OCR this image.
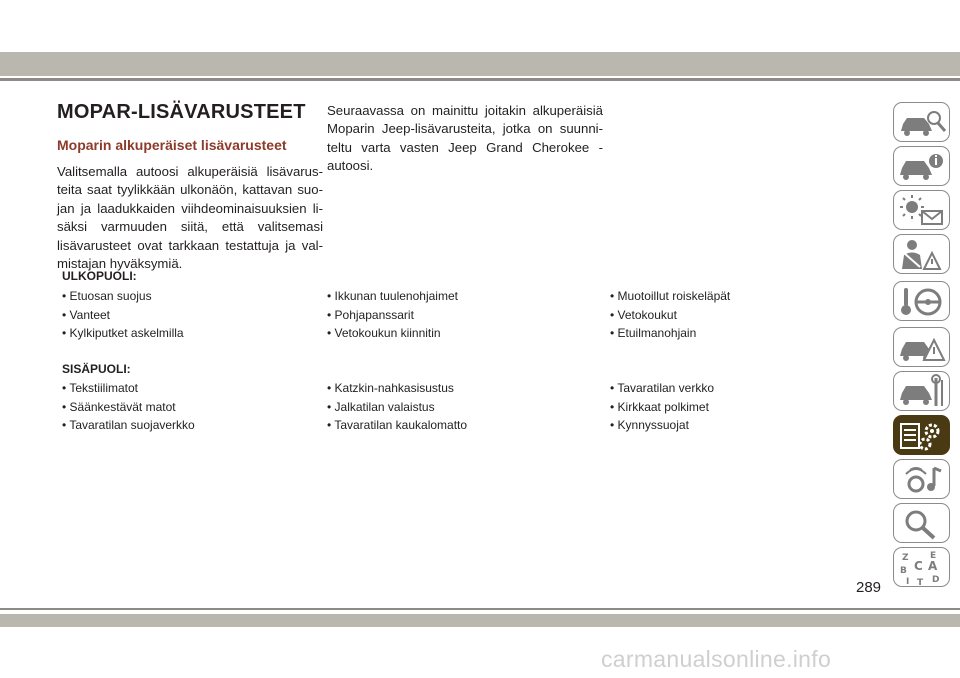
MOPAR-LISÄVARUSTEET
Moparin alkuperäiset lisävarusteet

Valitsemalla autoosi alkuperäisiä lisävarus-teita saat tyylikkään ulkonäön, kattavan suo-jan ja laadukkaiden viihdeominaisuuksien li-säksi varmuuden siitä, että valitsemasi lisävarusteet ovat tarkkaan testattuja ja val-mistajan hyväksymiä.

Seuraavassa on mainittu joitakin alkuperäisiä Moparin Jeep-lisävarusteita, jotka on suunni-teltu varta vasten Jeep Grand Cherokee -autoosi.

ULKOPUOLI:
• Etuosan suojus	• Ikkunan tuulenohjaimet	• Muotoillut roiskeläpät
• Vanteet	• Pohjapanssarit	• Vetokoukut
• Kylkiputket askelmilla	• Vetokoukun kiinnitin	• Etuilmanohjain
SISÄPUOLI:
• Tekstiilimatot	• Katzkin-nahkasisustus	• Tavaratilan verkko
• Säänkestävät matot	• Jalkatilan valaistus	• Kirkkaat polkimet
• Tavaratilan suojaverkko	• Tavaratilan kaukalomatto	• Kynnyssuojat
Z E
B A
C
D
I T
289
carmanualsonline.info
